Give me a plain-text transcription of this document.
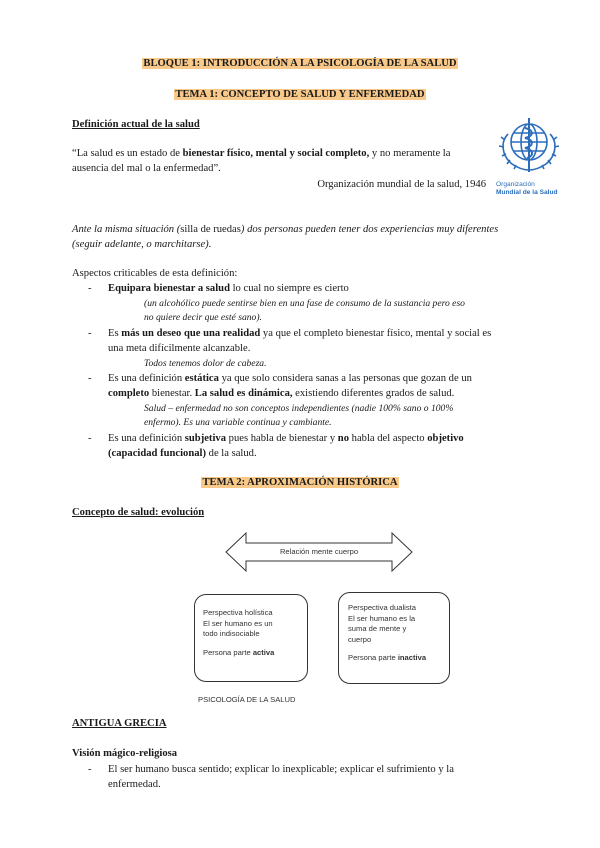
BLOQUE 1: INTRODUCCIÓN A LA PSICOLOGÍA DE LA SALUD
TEMA 1: CONCEPTO DE SALUD Y ENFERMEDAD
Definición actual de la salud
“La salud es un estado de bienestar físico, mental y social completo, y no meramente la
ausencia del mal o la enfermedad”.
Organización mundial de la salud, 1946 Organización
Mundial de la Salud
Ante la misma situación (silla de ruedas) dos personas pueden tener dos experiencias muy diferentes
(seguir adelante, o marchitarse).
Aspectos criticables de esta definición:
- Equipara bienestar a salud lo cual no siempre es cierto
(un alcohólico puede sentirse bien en una fase de consumo de la sustancia pero eso
no quiere decir que esté sano).
- Es más un deseo que una realidad ya que el completo bienestar físico, mental y social es
una meta difícilmente alcanzable.
Todos tenemos dolor de cabeza.
- Es una definición estática ya que solo considera sanas a las personas que gozan de un
completo bienestar. La salud es dinámica, existiendo diferentes grados de salud.
Salud – enfermedad no son conceptos independientes (nadie 100% sano o 100%
enfermo). Es una variable continua y cambiante.
- Es una definición subjetiva pues habla de bienestar y no habla del aspecto objetivo
(capacidad funcional) de la salud.
TEMA 2: APROXIMACIÓN HISTÓRICA
Concepto de salud: evolución
Relación mente cuerpo
Perspectiva holística
El ser humano es un
todo indisociable
Persona parte activa
Perspectiva dualista
El ser humano es la
suma de mente y
cuerpo
Persona parte inactiva
PSICOLOGÍA DE LA SALUD
ANTIGUA GRECIA
Visión mágico-religiosa
- El ser humano busca sentido; explicar lo inexplicable; explicar el sufrimiento y la
enfermedad.
